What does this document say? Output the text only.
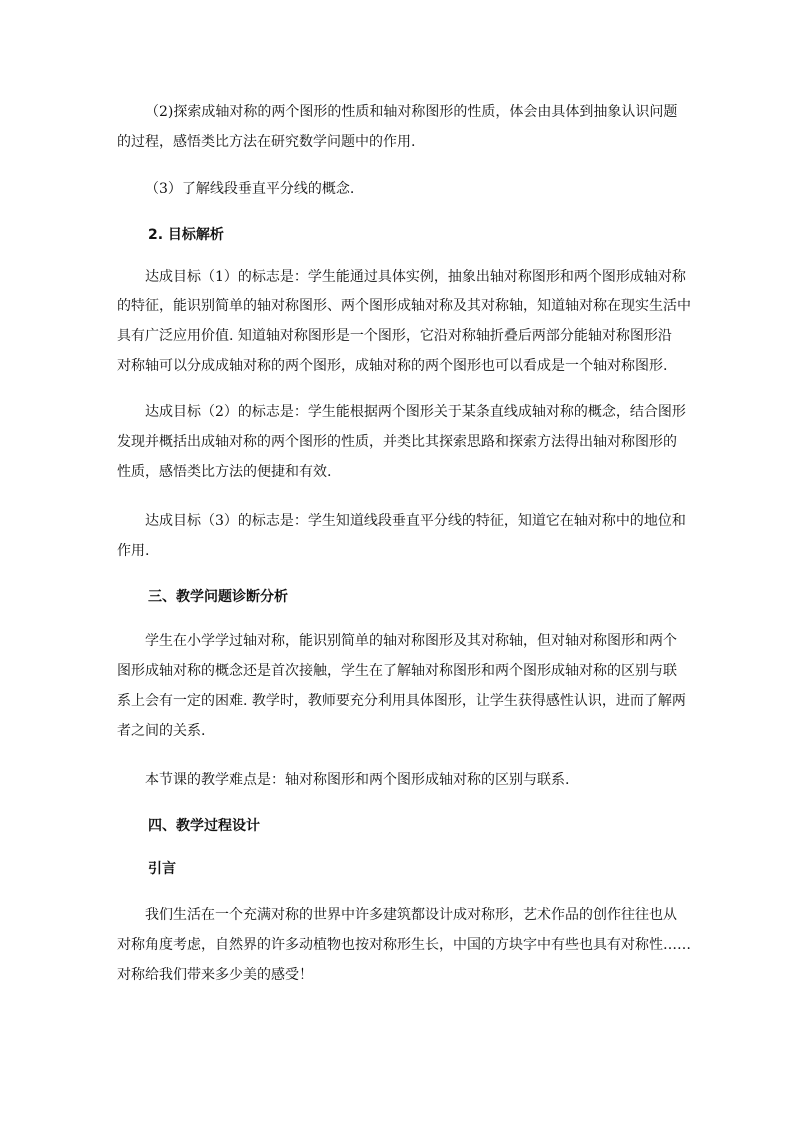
（2)探索成轴对称的两个图形的性质和轴对称图形的性质，体会由具体到抽象认识问题
的过程，感悟类比方法在研究数学问题中的作用.
（3）了解线段垂直平分线的概念.
2. 目标解析
达成目标（1）的标志是：学生能通过具体实例，抽象出轴对称图形和两个图形成轴对称
的特征，能识别简单的轴对称图形、两个图形成轴对称及其对称轴，知道轴对称在现实生活中
具有广泛应用价值. 知道轴对称图形是一个图形，它沿对称轴折叠后两部分能轴对称图形沿
对称轴可以分成成轴对称的两个图形，成轴对称的两个图形也可以看成是一个轴对称图形.
达成目标（2）的标志是：学生能根据两个图形关于某条直线成轴对称的概念，结合图形
发现并概括出成轴对称的两个图形的性质，并类比其探索思路和探索方法得出轴对称图形的
性质，感悟类比方法的便捷和有效.
达成目标（3）的标志是：学生知道线段垂直平分线的特征，知道它在轴对称中的地位和
作用.
三、教学问题诊断分析
学生在小学学过轴对称，能识别简单的轴对称图形及其对称轴，但对轴对称图形和两个
图形成轴对称的概念还是首次接触，学生在了解轴对称图形和两个图形成轴对称的区别与联
系上会有一定的困难. 教学时，教师要充分利用具体图形，让学生获得感性认识，进而了解两
者之间的关系.
本节课的教学难点是：轴对称图形和两个图形成轴对称的区别与联系.
四、教学过程设计
引言
我们生活在一个充满对称的世界中许多建筑都设计成对称形，艺术作品的创作往往也从
对称角度考虑，自然界的许多动植物也按对称形生长，中国的方块字中有些也具有对称性……
对称给我们带来多少美的感受！
